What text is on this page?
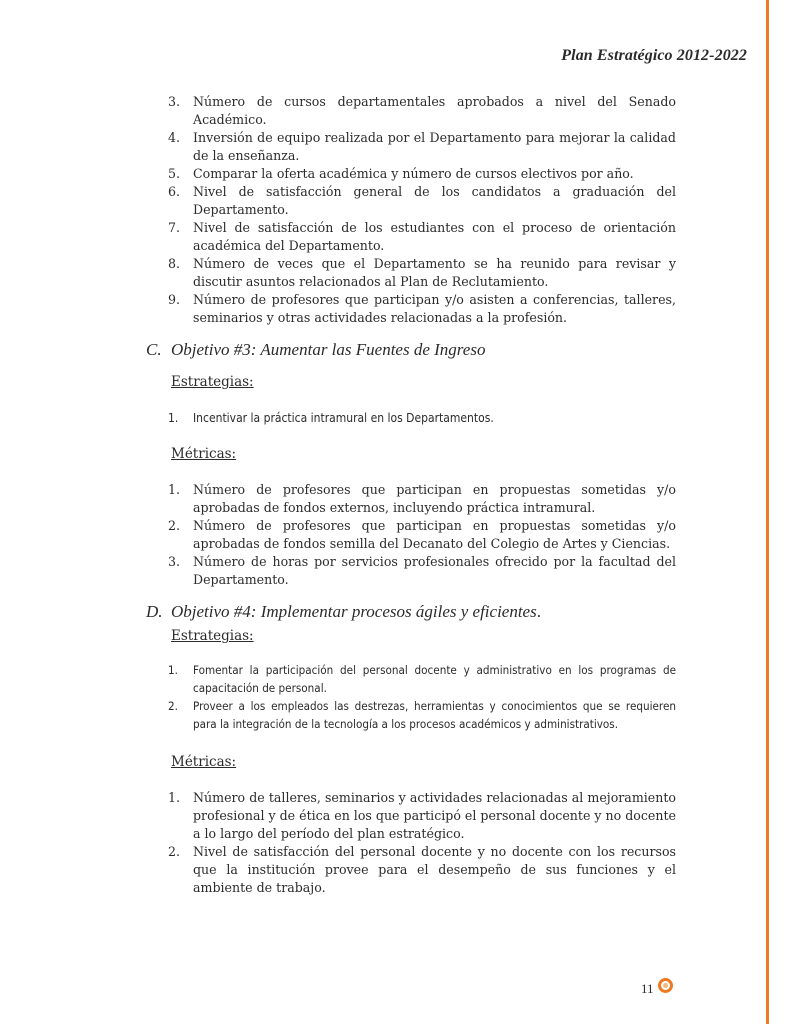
Plan Estratégico 2012-2022
3. Número de cursos departamentales aprobados a nivel del Senado Académico.
4. Inversión de equipo realizada por el Departamento para mejorar la calidad de la enseñanza.
5. Comparar la oferta académica y número de cursos electivos por año.
6. Nivel de satisfacción general de los candidatos a graduación del Departamento.
7. Nivel de satisfacción de los estudiantes con el proceso de orientación académica del Departamento.
8. Número de veces que el Departamento se ha reunido para revisar y discutir asuntos relacionados al Plan de Reclutamiento.
9. Número de profesores que participan y/o asisten a conferencias, talleres, seminarios y otras actividades relacionadas a la profesión.
C. Objetivo #3: Aumentar las Fuentes de Ingreso
Estrategias:
1. Incentivar la práctica intramural en los Departamentos.
Métricas:
1. Número de profesores que participan en propuestas sometidas y/o aprobadas de fondos externos, incluyendo práctica intramural.
2. Número de profesores que participan en propuestas sometidas y/o aprobadas de fondos semilla del Decanato del Colegio de Artes y Ciencias.
3. Número de horas por servicios profesionales ofrecido por la facultad del Departamento.
D. Objetivo #4: Implementar procesos ágiles y eficientes.
Estrategias:
1. Fomentar la participación del personal docente y administrativo en los programas de capacitación de personal.
2. Proveer a los empleados las destrezas, herramientas y conocimientos que se requieren para la integración de la tecnología a los procesos académicos y administrativos.
Métricas:
1. Número de talleres, seminarios y actividades relacionadas al mejoramiento profesional y de ética en los que participó el personal docente y no docente a lo largo del período del plan estratégico.
2. Nivel de satisfacción del personal docente y no docente con los recursos que la institución provee para el desempeño de sus funciones y el ambiente de trabajo.
11
